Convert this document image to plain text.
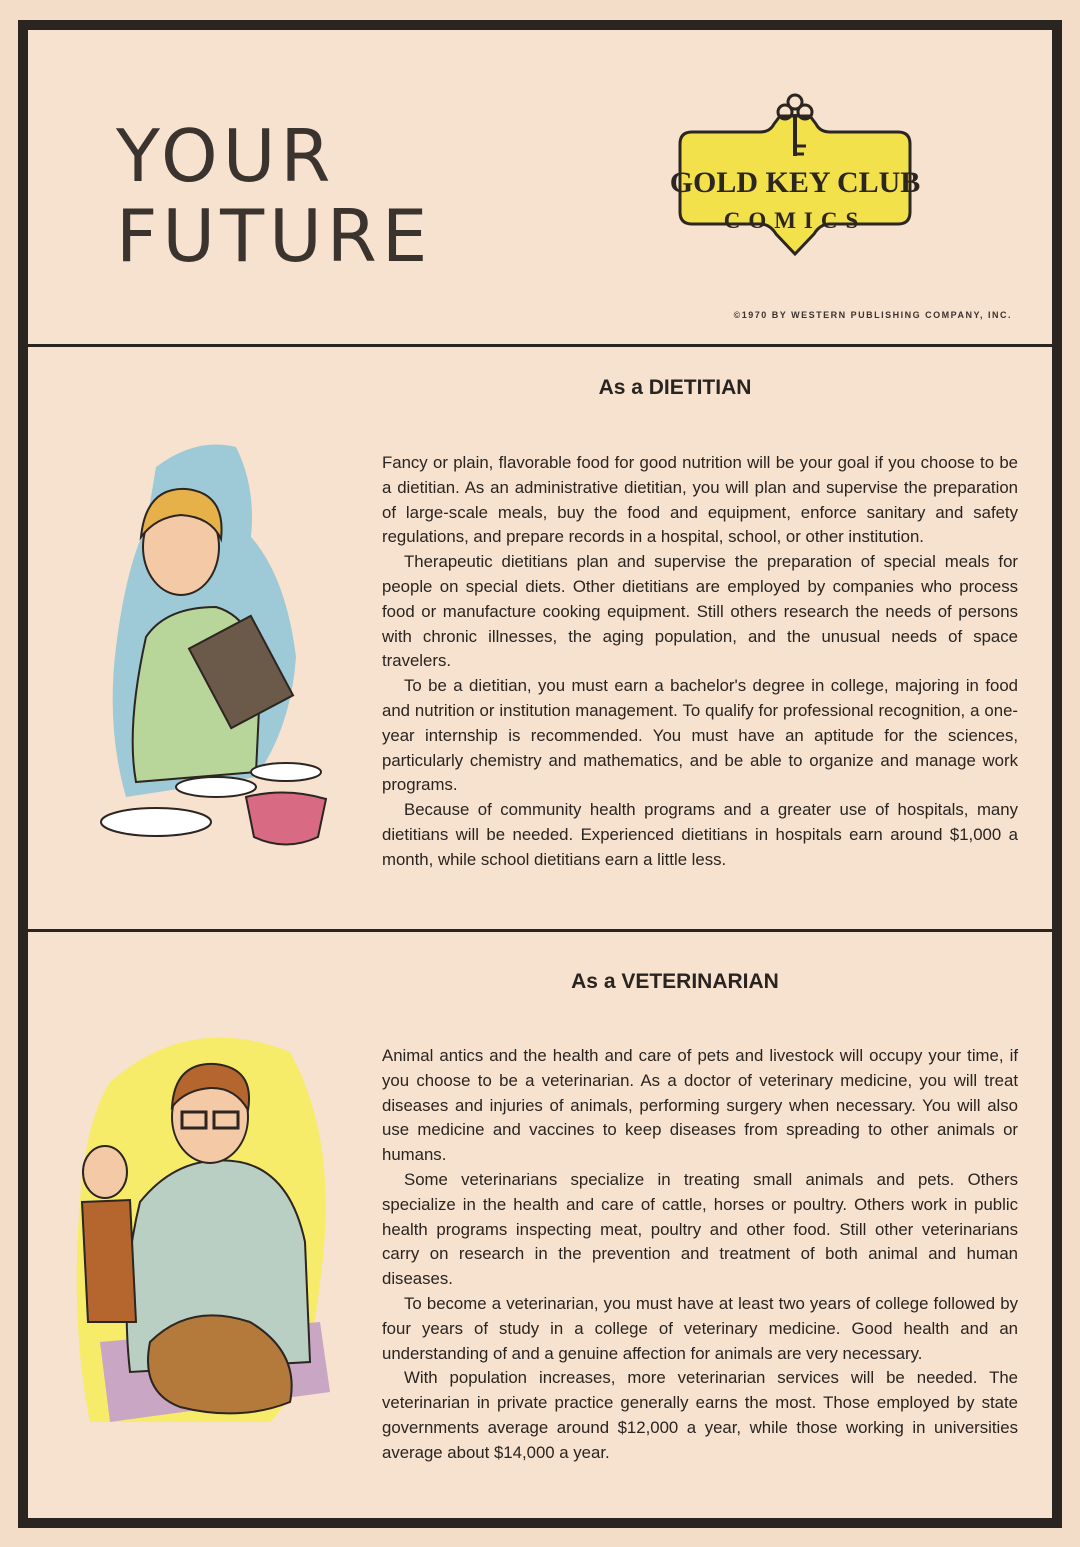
YOUR
FUTURE
GOLD KEY CLUB
COMICS
©1970 BY WESTERN PUBLISHING COMPANY, INC.
As a DIETITIAN

Fancy or plain, flavorable food for good nutrition will be your goal if you choose to be a dietitian. As an administrative dietitian, you will plan and supervise the preparation of large-scale meals, buy the food and equipment, enforce sanitary and safety regulations, and prepare records in a hospital, school, or other institution.

Therapeutic dietitians plan and supervise the preparation of special meals for people on special diets. Other dietitians are employed by companies who process food or manufacture cooking equipment. Still others research the needs of persons with chronic illnesses, the aging population, and the unusual needs of space travelers.

To be a dietitian, you must earn a bachelor's degree in college, majoring in food and nutrition or institution management. To qualify for professional recognition, a one-year internship is recommended. You must have an aptitude for the sciences, particularly chemistry and mathematics, and be able to organize and manage work programs.

Because of community health programs and a greater use of hospitals, many dietitians will be needed. Experienced dietitians in hospitals earn around $1,000 a month, while school dietitians earn a little less.

As a VETERINARIAN

Animal antics and the health and care of pets and livestock will occupy your time, if you choose to be a veterinarian. As a doctor of veterinary medicine, you will treat diseases and injuries of animals, performing surgery when necessary. You will also use medicine and vaccines to keep diseases from spreading to other animals or humans.

Some veterinarians specialize in treating small animals and pets. Others specialize in the health and care of cattle, horses or poultry. Others work in public health programs inspecting meat, poultry and other food. Still other veterinarians carry on research in the prevention and treatment of both animal and human diseases.

To become a veterinarian, you must have at least two years of college followed by four years of study in a college of veterinary medicine. Good health and an understanding of and a genuine affection for animals are very necessary.

With population increases, more veterinarian services will be needed. The veterinarian in private practice generally earns the most. Those employed by state governments average around $12,000 a year, while those working in universities average about $14,000 a year.
